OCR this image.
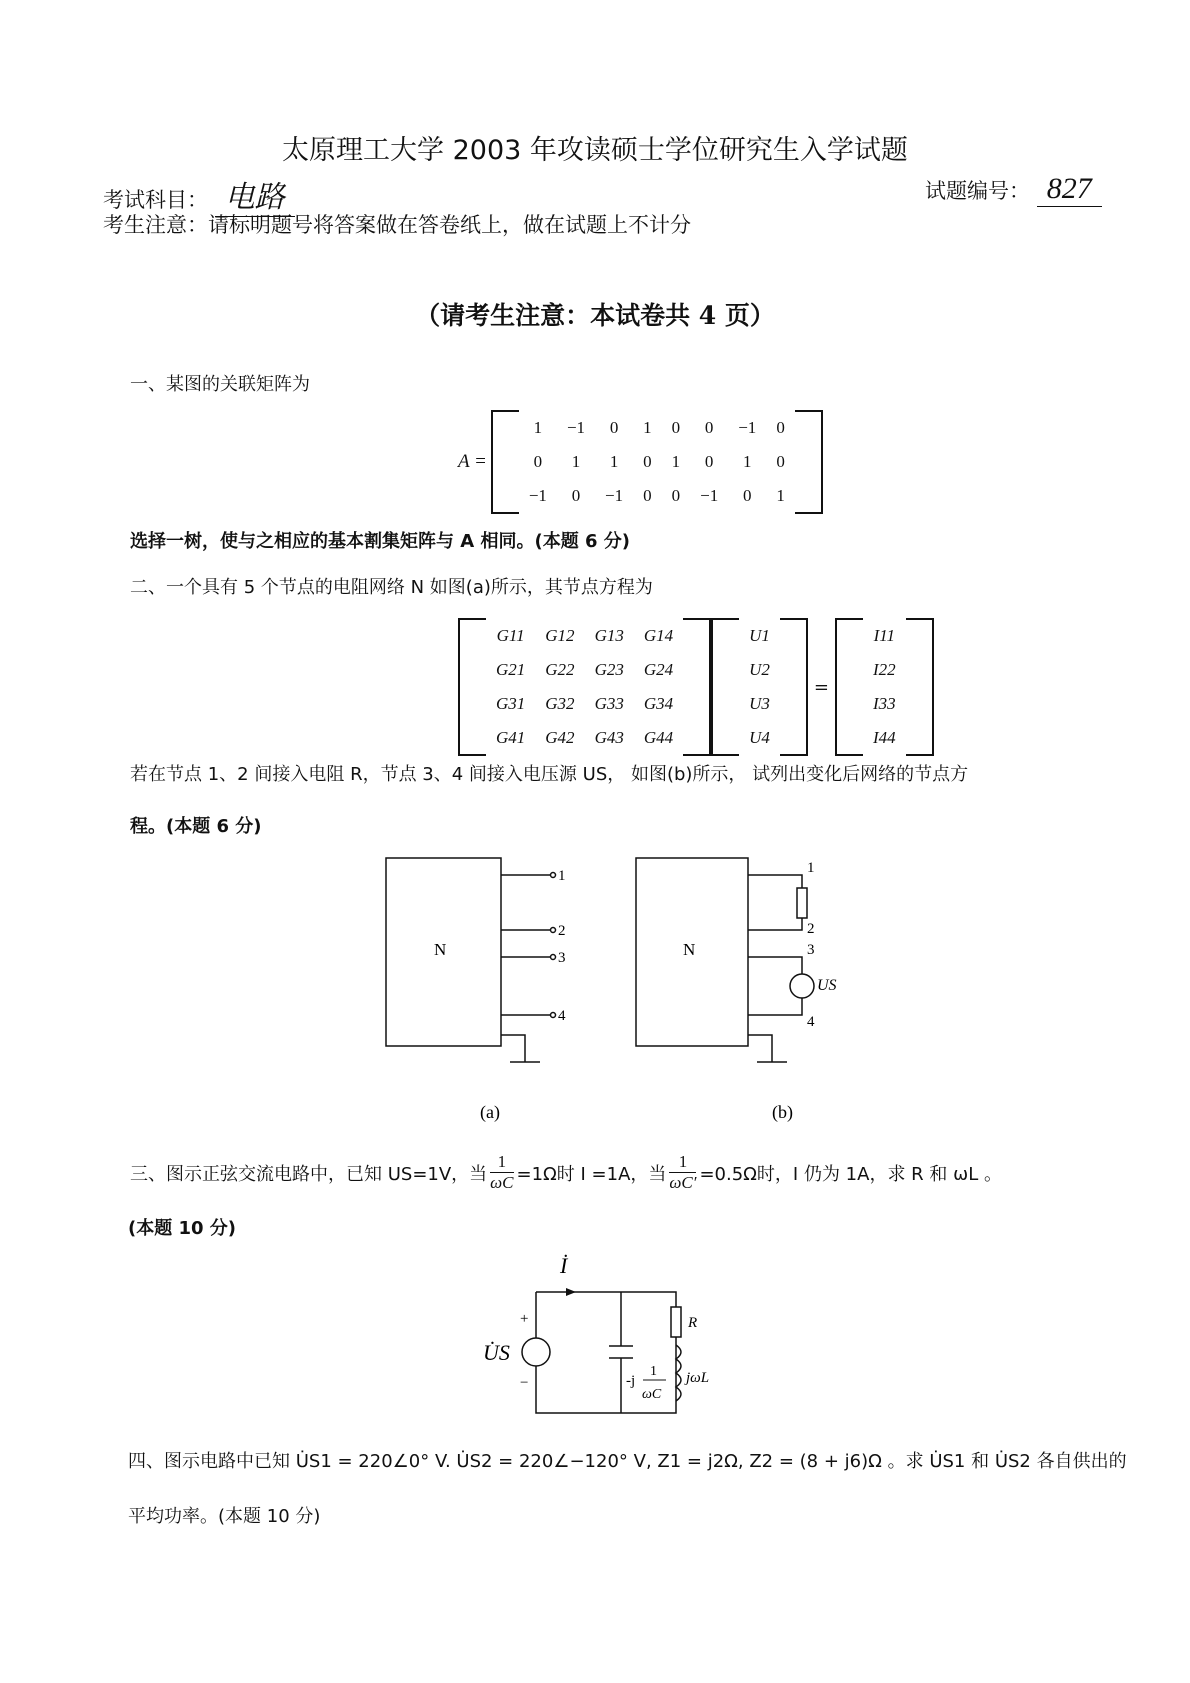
太原理工大学 2003 年攻读硕士学位研究生入学试题
考试科目： 电路	试题编号： 827
考生注意：请标明题号将答案做在答卷纸上，做在试题上不计分
（请考生注意：本试卷共 4 页）
一、某图的关联矩阵为
A =
	1	−1	0	1	0	0	−1	0	
	0	1	1	0	1	0	1	0	
	−1	0	−1	0	0	−1	0	1	
选择一树，使与之相应的基本割集矩阵与 A 相同。(本题 6 分)
二、一个具有 5 个节点的电阻网络 N 如图(a)所示，其节点方程为
	G11	G12	G13	G14	
	G21	G22	G23	G24	
	G31	G32	G33	G34	
	G41	G42	G43	G44	
	U1	
U2
U3
U4
=
	I11	
I22
I33
I44
若在节点 1、2 间接入电阻 R，节点 3、4 间接入电压源 US， 如图(b)所示， 试列出变化后网络的节点方
程。(本题 6 分)
N
1
2
3
4
(a)
N
1
2
3
4
US
(b)
三、图示正弦交流电路中，已知 US=1V，当 $\frac{1}{\omega C} =1\Omega$时 I =1A，当 $\frac{1}{\omega C'} =0.5\Omega$时，I 仍为 1A，求 R 和 ωL 。
(本题 10 分)
İ
U̇S
+
−
R
-j
1
ωC
jωL
四、图示电路中已知 U̇S1 = 220∠0° V. U̇S2 = 220∠−120° V, Z1 = j2Ω, Z2 = (8 + j6)Ω 。求 U̇S1 和 U̇S2 各自供出的
平均功率。(本题 10 分)
